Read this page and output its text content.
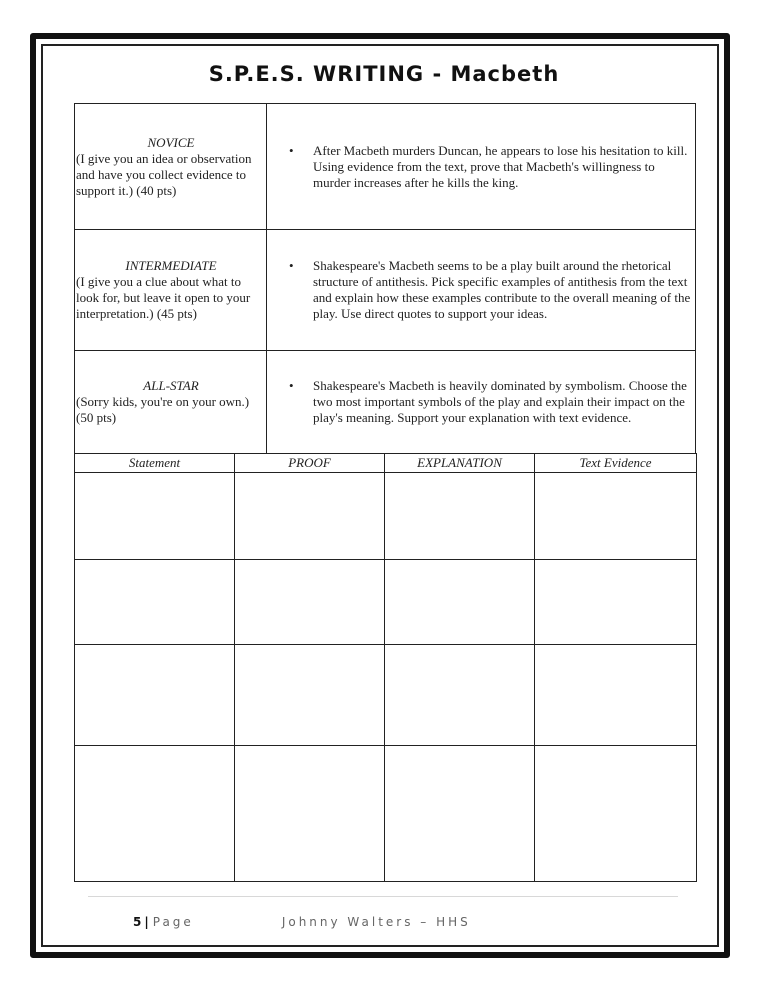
S.P.E.S. WRITING - Macbeth
NOVICE
(I give you an idea or observation and have you collect evidence to support it.) (40 pts)	• After Macbeth murders Duncan, he appears to lose his hesitation to kill. Using evidence from the text, prove that Macbeth's willingness to murder increases after he kills the king.

INTERMEDIATE
(I give you a clue about what to look for, but leave it open to your interpretation.) (45 pts)	• Shakespeare's Macbeth seems to be a play built around the rhetorical structure of antithesis. Pick specific examples of antithesis from the text and explain how these examples contribute to the overall meaning of the play. Use direct quotes to support your ideas.

ALL-STAR
(Sorry kids, you're on your own.) (50 pts)	• Shakespeare's Macbeth is heavily dominated by symbolism. Choose the two most important symbols of the play and explain their impact on the play's meaning. Support your explanation with text evidence.
Statement	PROOF	EXPLANATION	Text Evidence

5 | Page	Johnny Walters – HHS
